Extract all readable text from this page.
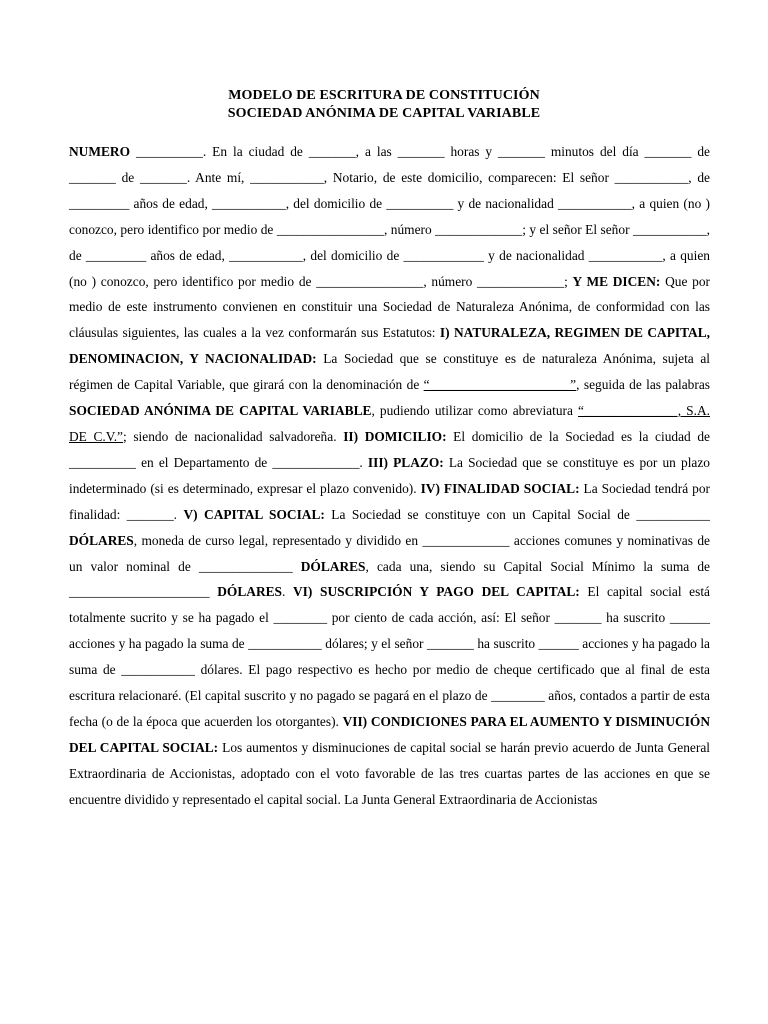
MODELO DE ESCRITURA DE CONSTITUCIÓN
SOCIEDAD ANÓNIMA DE CAPITAL VARIABLE
NUMERO __________. En la ciudad de _______, a las _______ horas y _______ minutos del día _______ de _______ de _______. Ante mí, ___________, Notario, de este domicilio, comparecen: El señor ___________, de _________ años de edad, ___________, del domicilio de __________ y de nacionalidad ___________, a quien (no ) conozco, pero identifico por medio de ________________, número _____________; y el señor El señor ___________, de _________ años de edad, ___________, del domicilio de ____________ y de nacionalidad ___________, a quien (no ) conozco, pero identifico por medio de ________________, número _____________; Y ME DICEN: Que por medio de este instrumento convienen en constituir una Sociedad de Naturaleza Anónima, de conformidad con las cláusulas siguientes, las cuales a la vez conformarán sus Estatutos: I) NATURALEZA, REGIMEN DE CAPITAL, DENOMINACION, Y NACIONALIDAD: La Sociedad que se constituye es de naturaleza Anónima, sujeta al régimen de Capital Variable, que girará con la denominación de “_____________________”, seguida de las palabras SOCIEDAD ANÓNIMA DE CAPITAL VARIABLE, pudiendo utilizar como abreviatura “______________, S.A. DE C.V.”; siendo de nacionalidad salvadoreña. II) DOMICILIO: El domicilio de la Sociedad es la ciudad de __________ en el Departamento de _____________. III) PLAZO: La Sociedad que se constituye es por un plazo indeterminado (si es determinado, expresar el plazo convenido). IV) FINALIDAD SOCIAL: La Sociedad tendrá por finalidad: _______. V) CAPITAL SOCIAL: La Sociedad se constituye con un Capital Social de ___________ DÓLARES, moneda de curso legal, representado y dividido en _____________ acciones comunes y nominativas de un valor nominal de ______________ DÓLARES, cada una, siendo su Capital Social Mínimo la suma de _____________________ DÓLARES. VI) SUSCRIPCIÓN Y PAGO DEL CAPITAL: El capital social está totalmente sucrito y se ha pagado el ________ por ciento de cada acción, así: El señor _______ ha suscrito ______ acciones y ha pagado la suma de ___________ dólares; y el señor _______ ha suscrito ______ acciones y ha pagado la suma de ___________ dólares. El pago respectivo es hecho por medio de cheque certificado que al final de esta escritura relacionaré. (El capital suscrito y no pagado se pagará en el plazo de ________ años, contados a partir de esta fecha (o de la época que acuerden los otorgantes). VII) CONDICIONES PARA EL AUMENTO Y DISMINUCIÓN DEL CAPITAL SOCIAL: Los aumentos y disminuciones de capital social se harán previo acuerdo de Junta General Extraordinaria de Accionistas, adoptado con el voto favorable de las tres cuartas partes de las acciones en que se encuentre dividido y representado el capital social. La Junta General Extraordinaria de Accionistas
